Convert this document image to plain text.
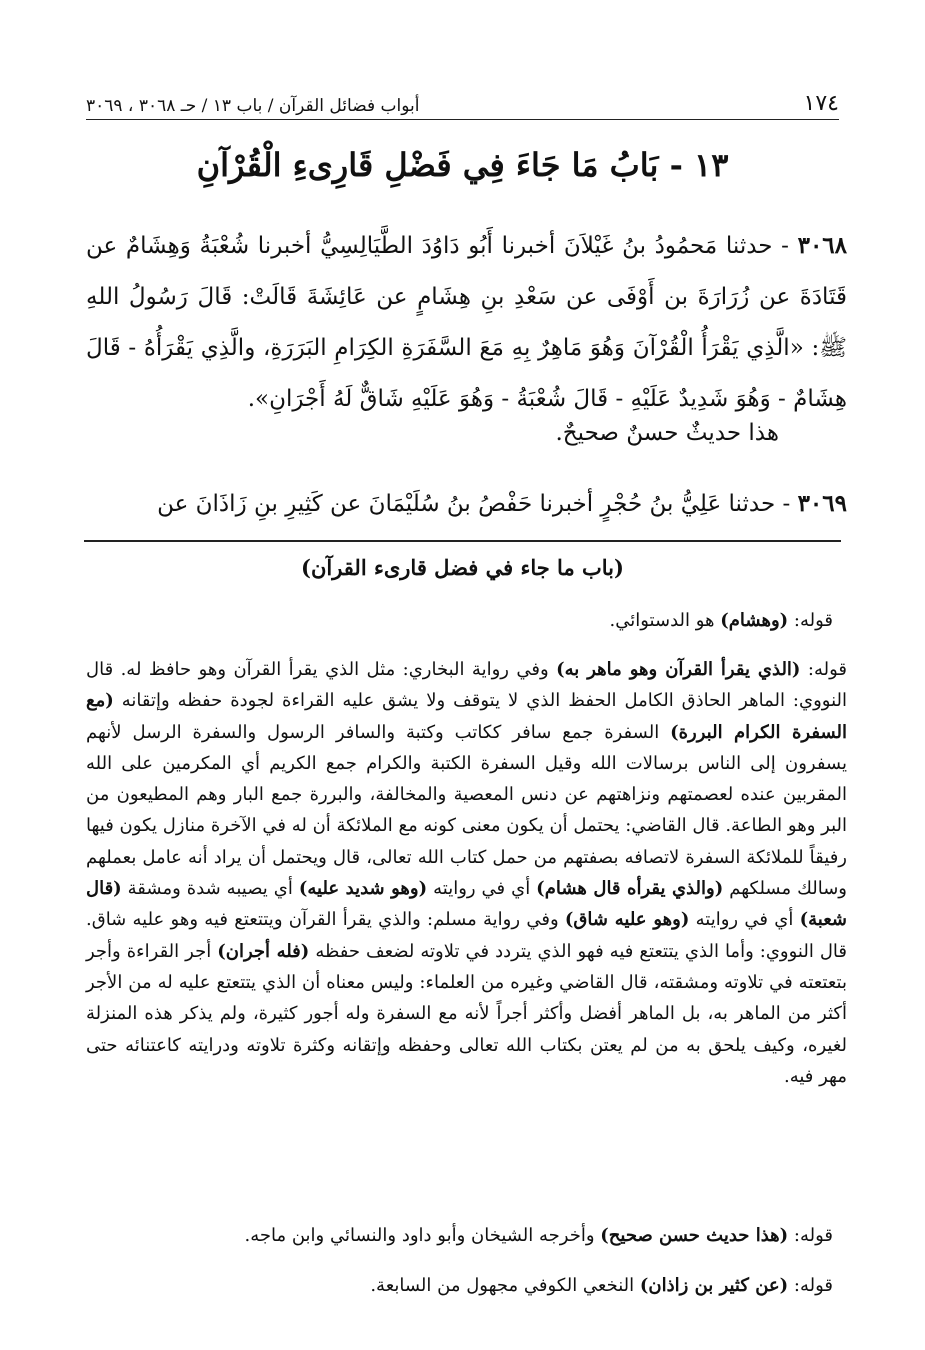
١٧٤
أبواب فضائل القرآن / باب ١٣ / حـ ٣٠٦٨ ، ٣٠٦٩
١٣ - بَابُ مَا جَاءَ فِي فَضْلِ قَارِىءِ الْقُرْآنِ
٣٠٦٨ - حدثنا مَحمُودُ بنُ غَيْلاَنَ أخبرنا أَبُو دَاوُدَ الطَّيَالِسِيُّ أخبرنا شُعْبَةُ وَهِشَامٌ عن قَتَادَةَ عن زُرَارَةَ بن أَوْفَى عن سَعْدِ بنِ هِشَامٍ عن عَائِشَةَ قَالَتْ: قَالَ رَسُولُ اللهِ ﷺ: «الَّذِي يَقْرَأُ الْقُرْآنَ وَهُوَ مَاهِرٌ بِهِ مَعَ السَّفَرَةِ الكِرَامِ البَرَرَةِ، والَّذِي يَقْرَأُهُ - قَالَ هِشَامٌ - وَهُوَ شَدِيدٌ عَلَيْهِ - قَالَ شُعْبَةُ - وَهُوَ عَلَيْهِ شَاقٌّ لَهُ أَجْرَانِ».
هذا حديثٌ حسنٌ صحيحٌ.
٣٠٦٩ - حدثنا عَلِيُّ بنُ حُجْرٍ أخبرنا حَفْصُ بنُ سُلَيْمَانَ عن كَثِيرِ بنِ زَاذَانَ عن
(باب ما جاء في فضل قارىء القرآن)
قوله: (وهشام) هو الدستوائي.
قوله: (الذي يقرأ القرآن وهو ماهر به) وفي رواية البخاري: مثل الذي يقرأ القرآن وهو حافظ له. قال النووي: الماهر الحاذق الكامل الحفظ الذي لا يتوقف ولا يشق عليه القراءة لجودة حفظه وإتقانه (مع السفرة الكرام البررة) السفرة جمع سافر ككاتب وكتبة والسافر الرسول والسفرة الرسل لأنهم يسفرون إلى الناس برسالات الله وقيل السفرة الكتبة والكرام جمع الكريم أي المكرمين على الله المقربين عنده لعصمتهم ونزاهتهم عن دنس المعصية والمخالفة، والبررة جمع البار وهم المطيعون من البر وهو الطاعة. قال القاضي: يحتمل أن يكون معنى كونه مع الملائكة أن له في الآخرة منازل يكون فيها رفيقاً للملائكة السفرة لاتصافه بصفتهم من حمل كتاب الله تعالى، قال ويحتمل أن يراد أنه عامل بعملهم وسالك مسلكهم (والذي يقرأه قال هشام) أي في روايته (وهو شديد عليه) أي يصيبه شدة ومشقة (قال شعبة) أي في روايته (وهو عليه شاق) وفي رواية مسلم: والذي يقرأ القرآن ويتتعتع فيه وهو عليه شاق. قال النووي: وأما الذي يتتعتع فيه فهو الذي يتردد في تلاوته لضعف حفظه (فله أجران) أجر القراءة وأجر بتعتعته في تلاوته ومشقته، قال القاضي وغيره من العلماء: وليس معناه أن الذي يتتعتع عليه له من الأجر أكثر من الماهر به، بل الماهر أفضل وأكثر أجراً لأنه مع السفرة وله أجور كثيرة، ولم يذكر هذه المنزلة لغيره، وكيف يلحق به من لم يعتن بكتاب الله تعالى وحفظه وإتقانه وكثرة تلاوته ودرايته كاعتنائه حتى مهر فيه.
قوله: (هذا حديث حسن صحيح) وأخرجه الشيخان وأبو داود والنسائي وابن ماجه.
قوله: (عن كثير بن زاذان) النخعي الكوفي مجهول من السابعة.
